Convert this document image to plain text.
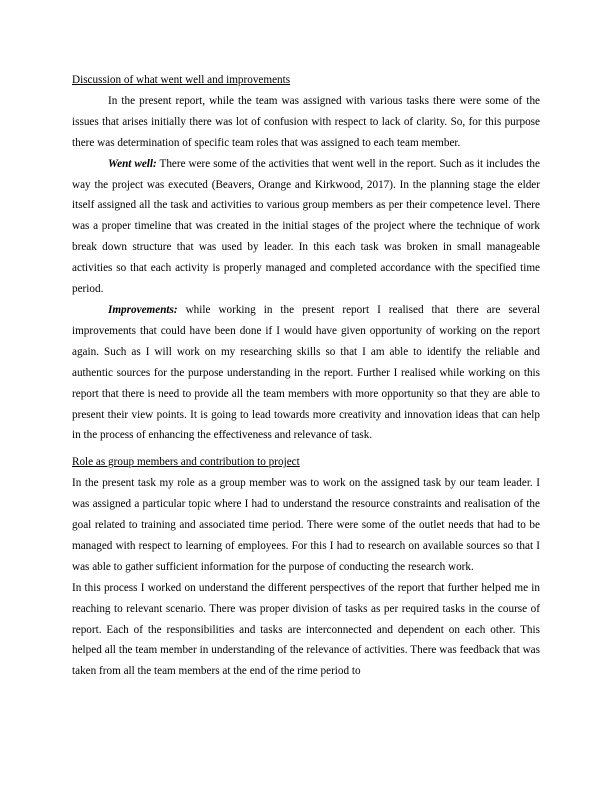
Discussion of what went well and improvements

In the present report, while the team was assigned with various tasks there were some of the issues that arises initially there was lot of confusion with respect to lack of clarity. So, for this purpose there was determination of specific team roles that was assigned to each team member.

Went well: There were some of the activities that went well in the report. Such as it includes the way the project was executed (Beavers, Orange and Kirkwood, 2017). In the planning stage the elder itself assigned all the task and activities to various group members as per their competence level. There was a proper timeline that was created in the initial stages of the project where the technique of work break down structure that was used by leader. In this each task was broken in small manageable activities so that each activity is properly managed and completed accordance with the specified time period.

Improvements: while working in the present report I realised that there are several improvements that could have been done if I would have given opportunity of working on the report again. Such as I will work on my researching skills so that I am able to identify the reliable and authentic sources for the purpose understanding in the report. Further I realised while working on this report that there is need to provide all the team members with more opportunity so that they are able to present their view points. It is going to lead towards more creativity and innovation ideas that can help in the process of enhancing the effectiveness and relevance of task.

Role as group members and contribution to project

In the present task my role as a group member was to work on the assigned task by our team leader. I was assigned a particular topic where I had to understand the resource constraints and realisation of the goal related to training and associated time period. There were some of the outlet needs that had to be managed with respect to learning of employees. For this I had to research on available sources so that I was able to gather sufficient information for the purpose of conducting the research work.

In this process I worked on understand the different perspectives of the report that further helped me in reaching to relevant scenario. There was proper division of tasks as per required tasks in the course of report. Each of the responsibilities and tasks are interconnected and dependent on each other. This helped all the team member in understanding of the relevance of activities. There was feedback that was taken from all the team members at the end of the rime period to
